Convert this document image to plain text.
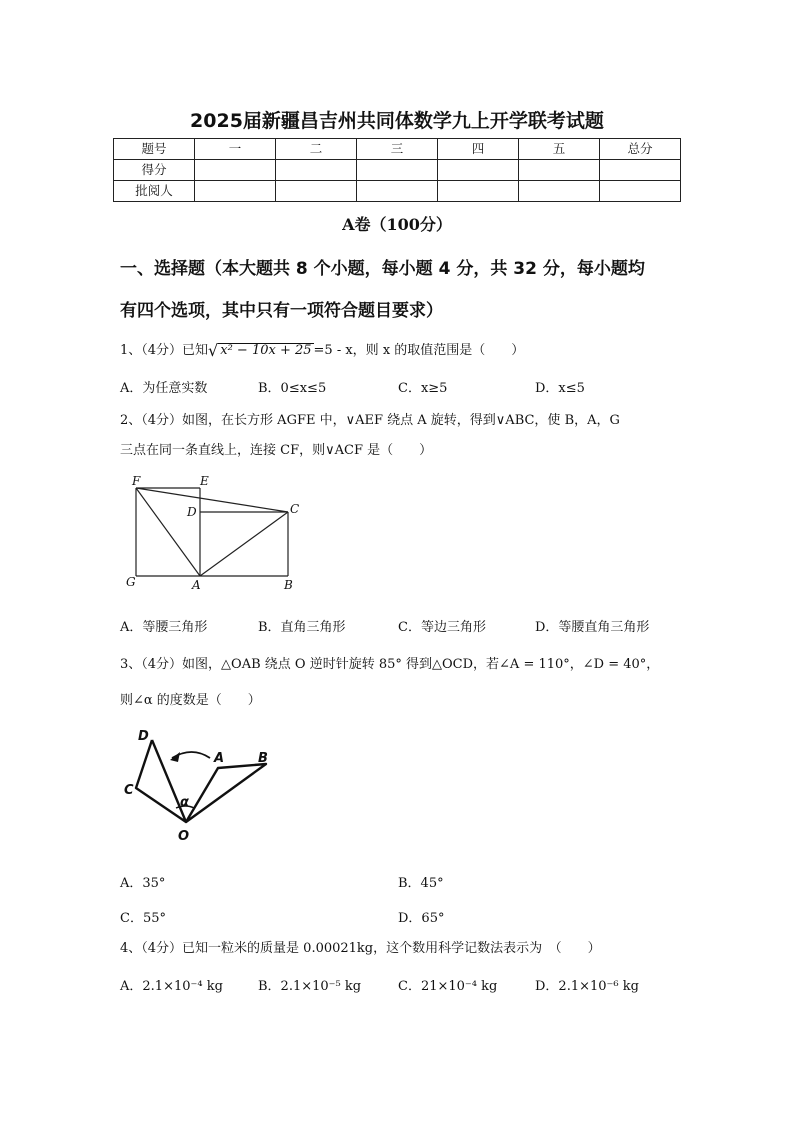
2025届新疆昌吉州共同体数学九上开学联考试题
题号	一	二	三	四	五	总分
得分						
批阅人						
A卷（100分）
一、选择题（本大题共 8 个小题，每小题 4 分，共 32 分，每小题均
有四个选项，其中只有一项符合题目要求）
1、（4分）已知√ x² − 10x + 25 =5 - x，则 x 的取值范围是（　　）
A．为任意实数	B．0≤x≤5	C．x≥5	D．x≤5
2、（4分）如图，在长方形 AGFE 中，∨AEF 绕点 A 旋转，得到∨ABC，使 B，A，G
三点在同一条直线上，连接 CF，则∨ACF 是（　　）
F	E
D	C
G	A	B
A．等腰三角形	B．直角三角形	C．等边三角形	D．等腰直角三角形
3、（4分）如图，△OAB 绕点 O 逆时针旋转 85° 得到△OCD，若∠A = 110°，∠D = 40°，
则∠α 的度数是（　　）
D
A	B
C
α
O
A．35°	B．45°
C．55°	D．65°
4、（4分）已知一粒米的质量是 0.00021kg，这个数用科学记数法表示为　（　　）
A．2.1×10⁻⁴ kg	B．2.1×10⁻⁵ kg	C．21×10⁻⁴ kg	D．2.1×10⁻⁶ kg
